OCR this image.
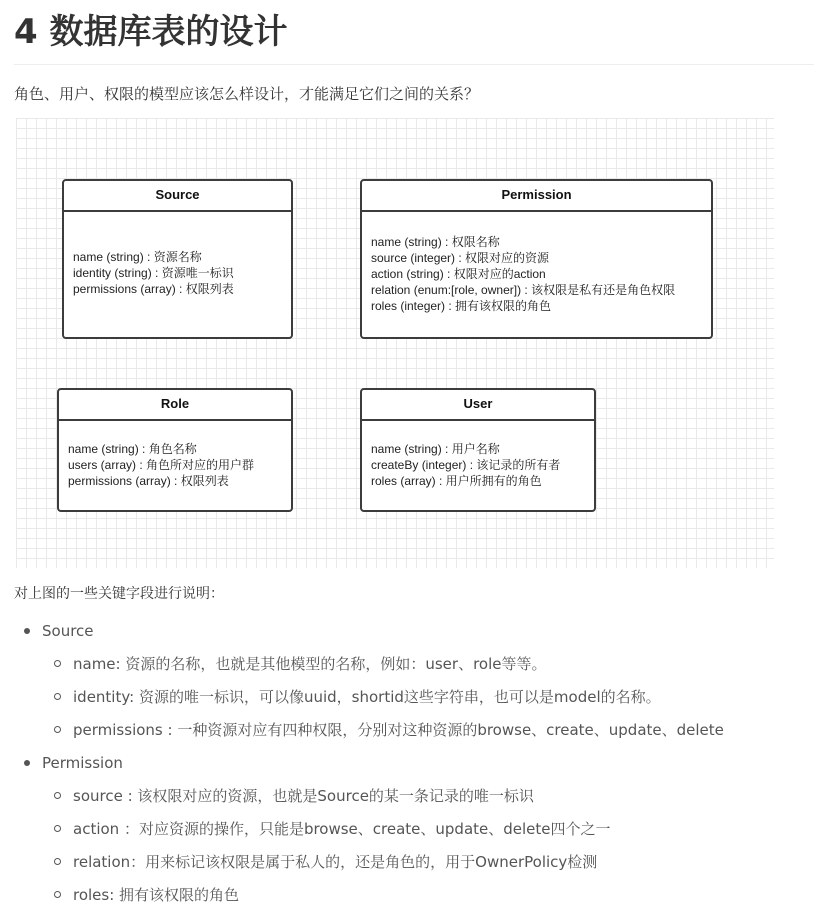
4 数据库表的设计

角色、用户、权限的模型应该怎么样设计，才能满足它们之间的关系？

Source
name (string) : 资源名称
identity (string) : 资源唯一标识
permissions (array) : 权限列表
Permission
name (string) : 权限名称
source (integer) : 权限对应的资源
action (string) : 权限对应的action
relation (enum:[role, owner]) : 该权限是私有还是角色权限
roles (integer) : 拥有该权限的角色
Role
name (string) : 角色名称
users (array) : 角色所对应的用户群
permissions (array) : 权限列表
User
name (string) : 用户名称
createBy (integer) : 该记录的所有者
roles (array) : 用户所拥有的角色

对上图的一些关键字段进行说明：

Source
name: 资源的名称，也就是其他模型的名称，例如：user、role等等。
identity: 资源的唯一标识，可以像uuid，shortid这些字符串，也可以是model的名称。
permissions : 一种资源对应有四种权限，分别对这种资源的browse、create、update、delete
Permission
source : 该权限对应的资源，也就是Source的某一条记录的唯一标识
action ：对应资源的操作，只能是browse、create、update、delete四个之一
relation：用来标记该权限是属于私人的，还是角色的，用于OwnerPolicy检测
roles: 拥有该权限的角色
